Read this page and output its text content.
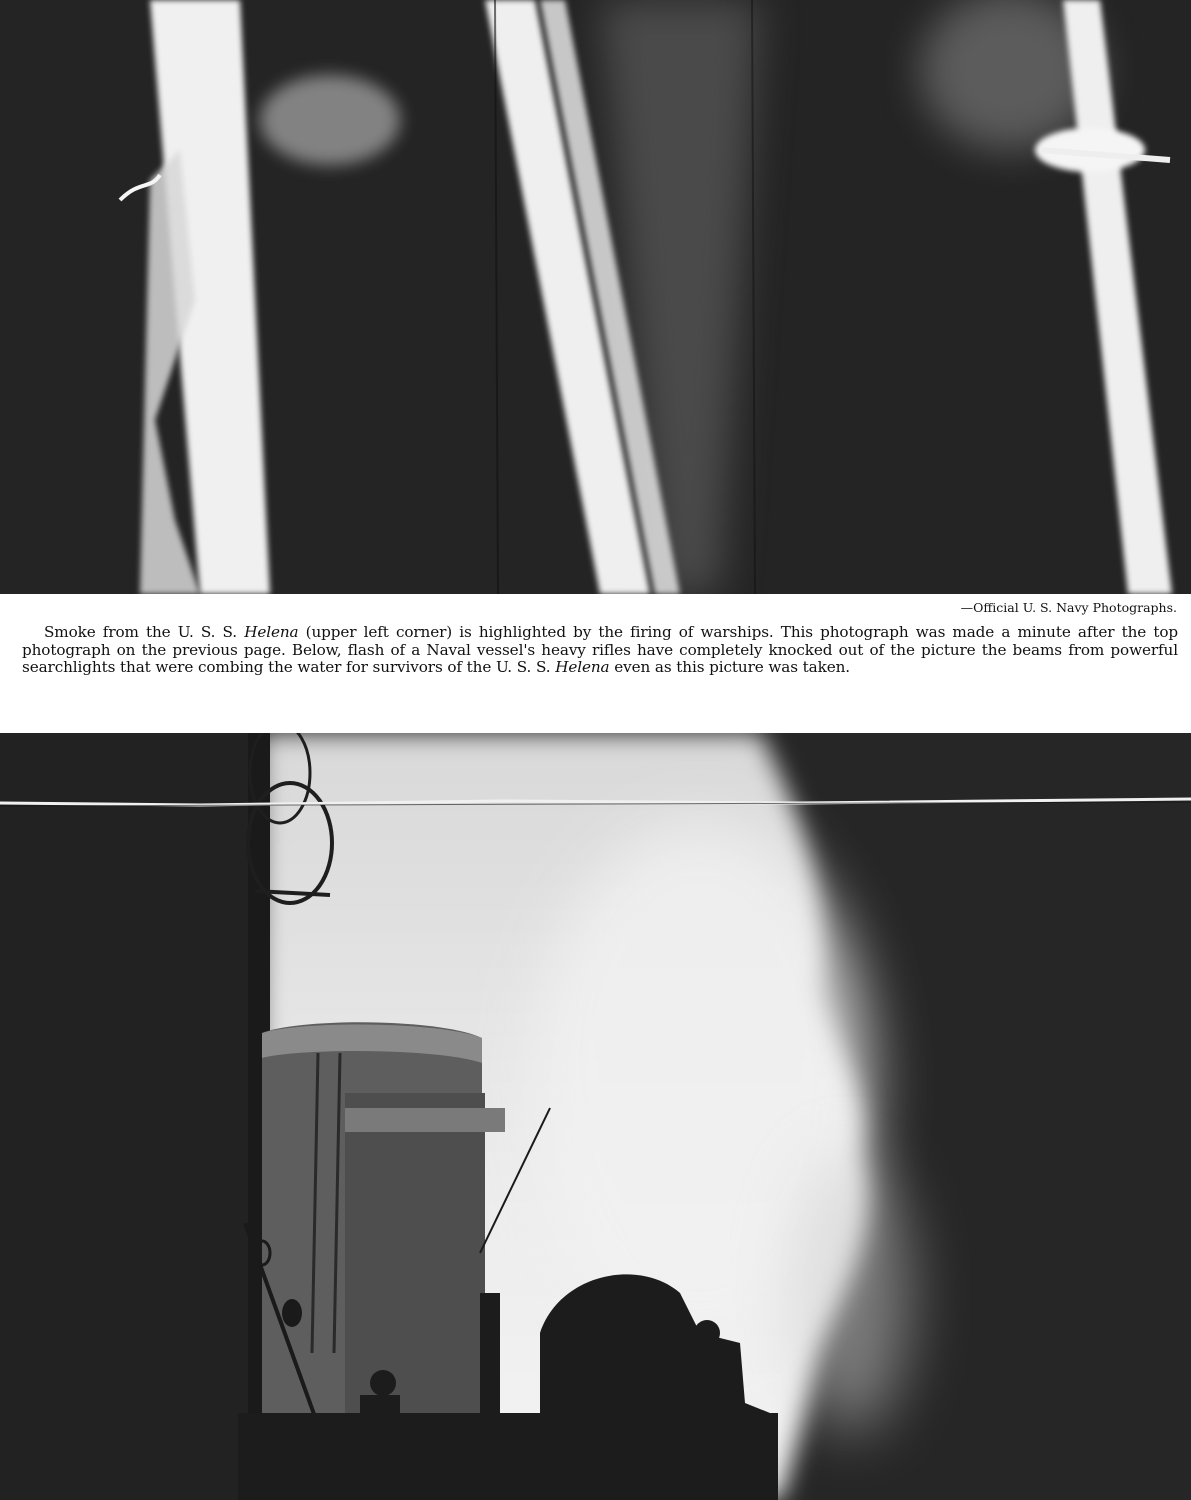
—Official U. S. Navy Photographs.

Smoke from the U. S. S. Helena (upper left corner) is highlighted by the firing of warships. This photograph was made a minute after the top photograph on the previous page. Below, flash of a Naval vessel's heavy rifles have completely knocked out of the picture the beams from powerful searchlights that were combing the water for survivors of the U. S. S. Helena even as this picture was taken.
